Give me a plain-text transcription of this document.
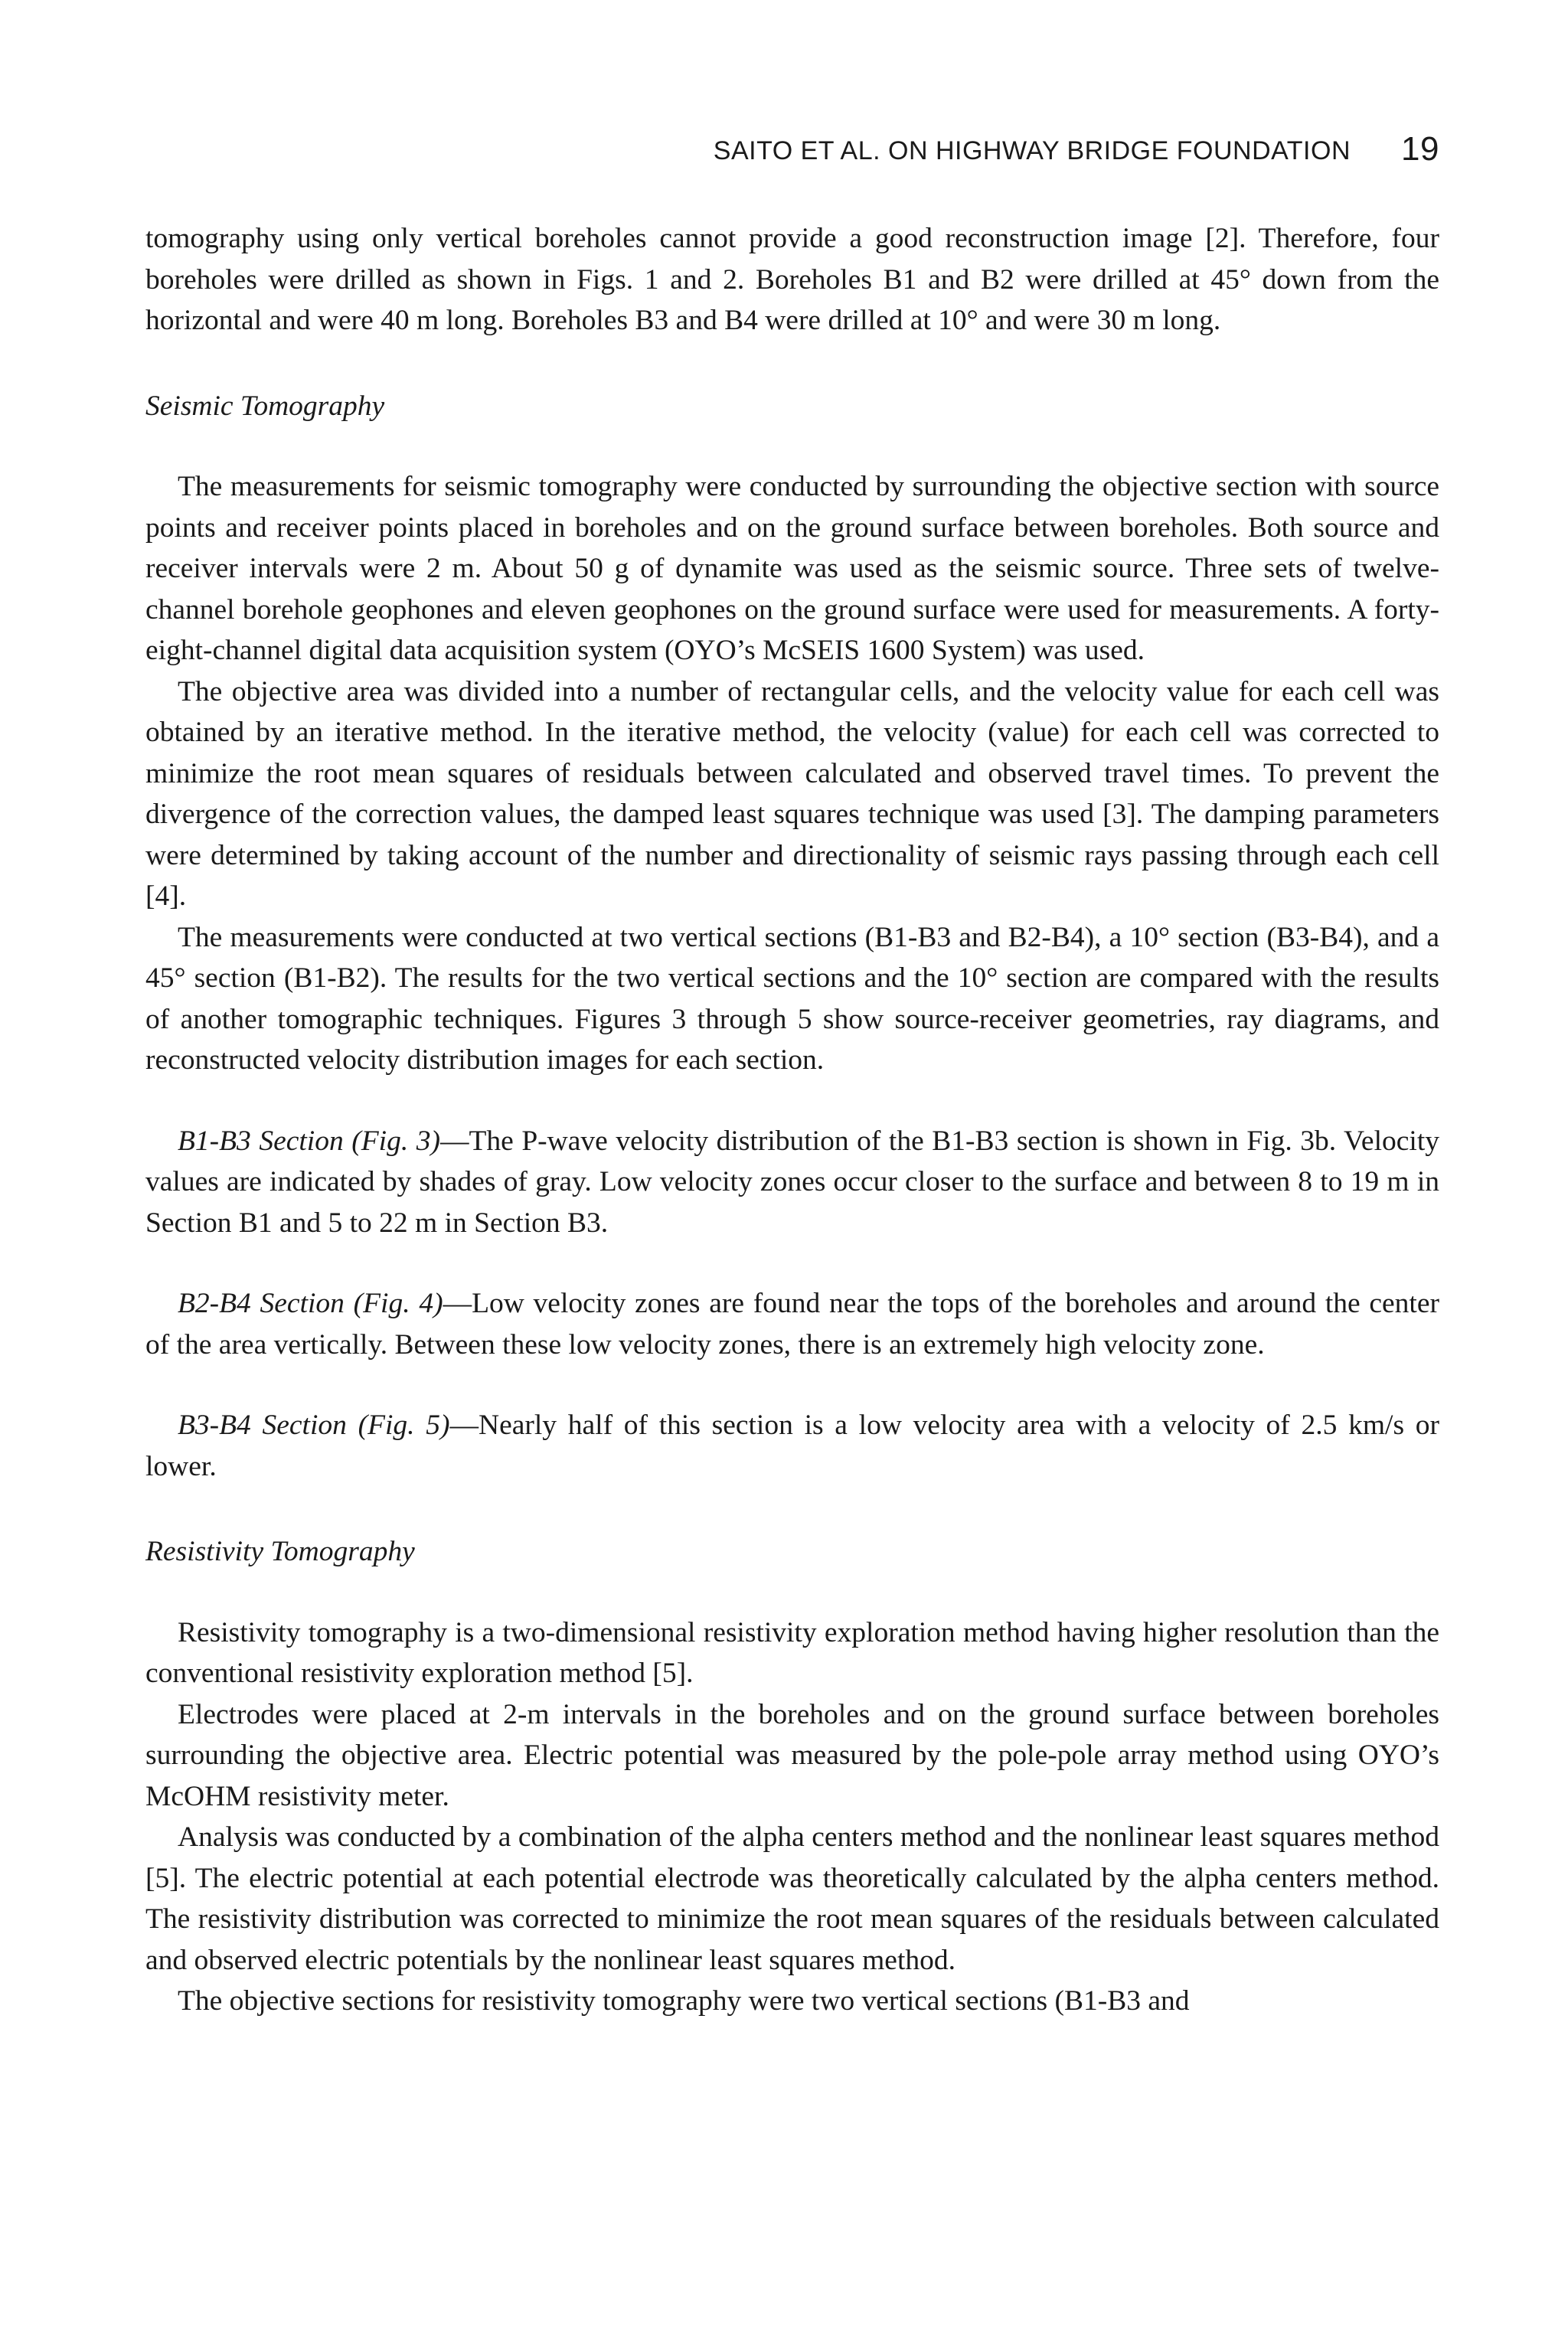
SAITO ET AL. ON HIGHWAY BRIDGE FOUNDATION 19

tomography using only vertical boreholes cannot provide a good reconstruction image [2]. Therefore, four boreholes were drilled as shown in Figs. 1 and 2. Boreholes B1 and B2 were drilled at 45° down from the horizontal and were 40 m long. Boreholes B3 and B4 were drilled at 10° and were 30 m long.

Seismic Tomography

The measurements for seismic tomography were conducted by surrounding the objective section with source points and receiver points placed in boreholes and on the ground surface between boreholes. Both source and receiver intervals were 2 m. About 50 g of dynamite was used as the seismic source. Three sets of twelve-channel borehole geophones and eleven geophones on the ground surface were used for measurements. A forty-eight-channel digital data acquisition system (OYO’s McSEIS 1600 System) was used.

The objective area was divided into a number of rectangular cells, and the velocity value for each cell was obtained by an iterative method. In the iterative method, the velocity (value) for each cell was corrected to minimize the root mean squares of residuals between calculated and observed travel times. To prevent the divergence of the correction values, the damped least squares technique was used [3]. The damping parameters were determined by taking account of the number and directionality of seismic rays passing through each cell [4].

The measurements were conducted at two vertical sections (B1-B3 and B2-B4), a 10° section (B3-B4), and a 45° section (B1-B2). The results for the two vertical sections and the 10° section are compared with the results of another tomographic techniques. Figures 3 through 5 show source-receiver geometries, ray diagrams, and reconstructed velocity distribution images for each section.

B1-B3 Section (Fig. 3)—The P-wave velocity distribution of the B1-B3 section is shown in Fig. 3b. Velocity values are indicated by shades of gray. Low velocity zones occur closer to the surface and between 8 to 19 m in Section B1 and 5 to 22 m in Section B3.

B2-B4 Section (Fig. 4)—Low velocity zones are found near the tops of the boreholes and around the center of the area vertically. Between these low velocity zones, there is an extremely high velocity zone.

B3-B4 Section (Fig. 5)—Nearly half of this section is a low velocity area with a velocity of 2.5 km/s or lower.

Resistivity Tomography

Resistivity tomography is a two-dimensional resistivity exploration method having higher resolution than the conventional resistivity exploration method [5].

Electrodes were placed at 2-m intervals in the boreholes and on the ground surface between boreholes surrounding the objective area. Electric potential was measured by the pole-pole array method using OYO’s McOHM resistivity meter.

Analysis was conducted by a combination of the alpha centers method and the nonlinear least squares method [5]. The electric potential at each potential electrode was theoretically calculated by the alpha centers method. The resistivity distribution was corrected to minimize the root mean squares of the residuals between calculated and observed electric potentials by the nonlinear least squares method.

The objective sections for resistivity tomography were two vertical sections (B1-B3 and
